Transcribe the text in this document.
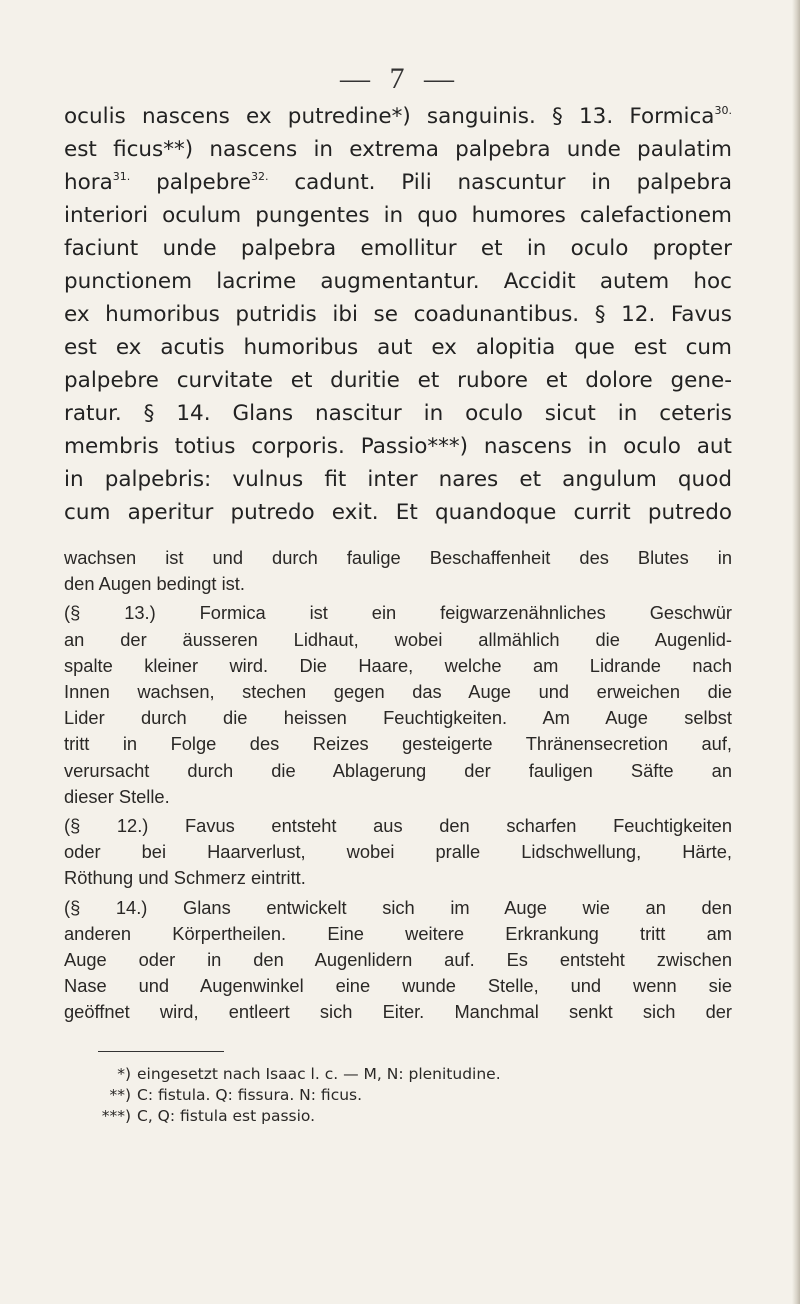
— 7 —
oculis nascens ex putredine*) sanguinis. § 13. Formica$^{30.}$
est ficus**) nascens in extrema palpebra unde paulatim
hora$^{31.}$ palpebre$^{32.}$ cadunt. Pili nascuntur in palpebra
interiori oculum pungentes in quo humores calefactionem
faciunt unde palpebra emollitur et in oculo propter
punctionem lacrime augmentantur. Accidit autem hoc
ex humoribus putridis ibi se coadunantibus. § 12. Favus
est ex acutis humoribus aut ex alopitia que est cum
palpebre curvitate et duritie et rubore et dolore gene-
ratur. § 14. Glans nascitur in oculo sicut in ceteris
membris totius corporis. Passio***) nascens in oculo aut
in palpebris: vulnus fit inter nares et angulum quod
cum aperitur putredo exit. Et quandoque currit putredo
wachsen ist und durch faulige Beschaffenheit des Blutes in
den Augen bedingt ist.
(§ 13.) Formica ist ein feigwarzenähnliches Geschwür
an der äusseren Lidhaut, wobei allmählich die Augenlid-
spalte kleiner wird. Die Haare, welche am Lidrande nach
Innen wachsen, stechen gegen das Auge und erweichen die
Lider durch die heissen Feuchtigkeiten. Am Auge selbst
tritt in Folge des Reizes gesteigerte Thränensecretion auf,
verursacht durch die Ablagerung der fauligen Säfte an
dieser Stelle.
(§ 12.) Favus entsteht aus den scharfen Feuchtigkeiten
oder bei Haarverlust, wobei pralle Lidschwellung, Härte,
Röthung und Schmerz eintritt.
(§ 14.) Glans entwickelt sich im Auge wie an den
anderen Körpertheilen. Eine weitere Erkrankung tritt am
Auge oder in den Augenlidern auf. Es entsteht zwischen
Nase und Augenwinkel eine wunde Stelle, und wenn sie
geöffnet wird, entleert sich Eiter. Manchmal senkt sich der
*) eingesetzt nach Isaac l. c. — M, N: plenitudine.
**) C: fistula. Q: fissura. N: ficus.
***) C, Q: fistula est passio.
